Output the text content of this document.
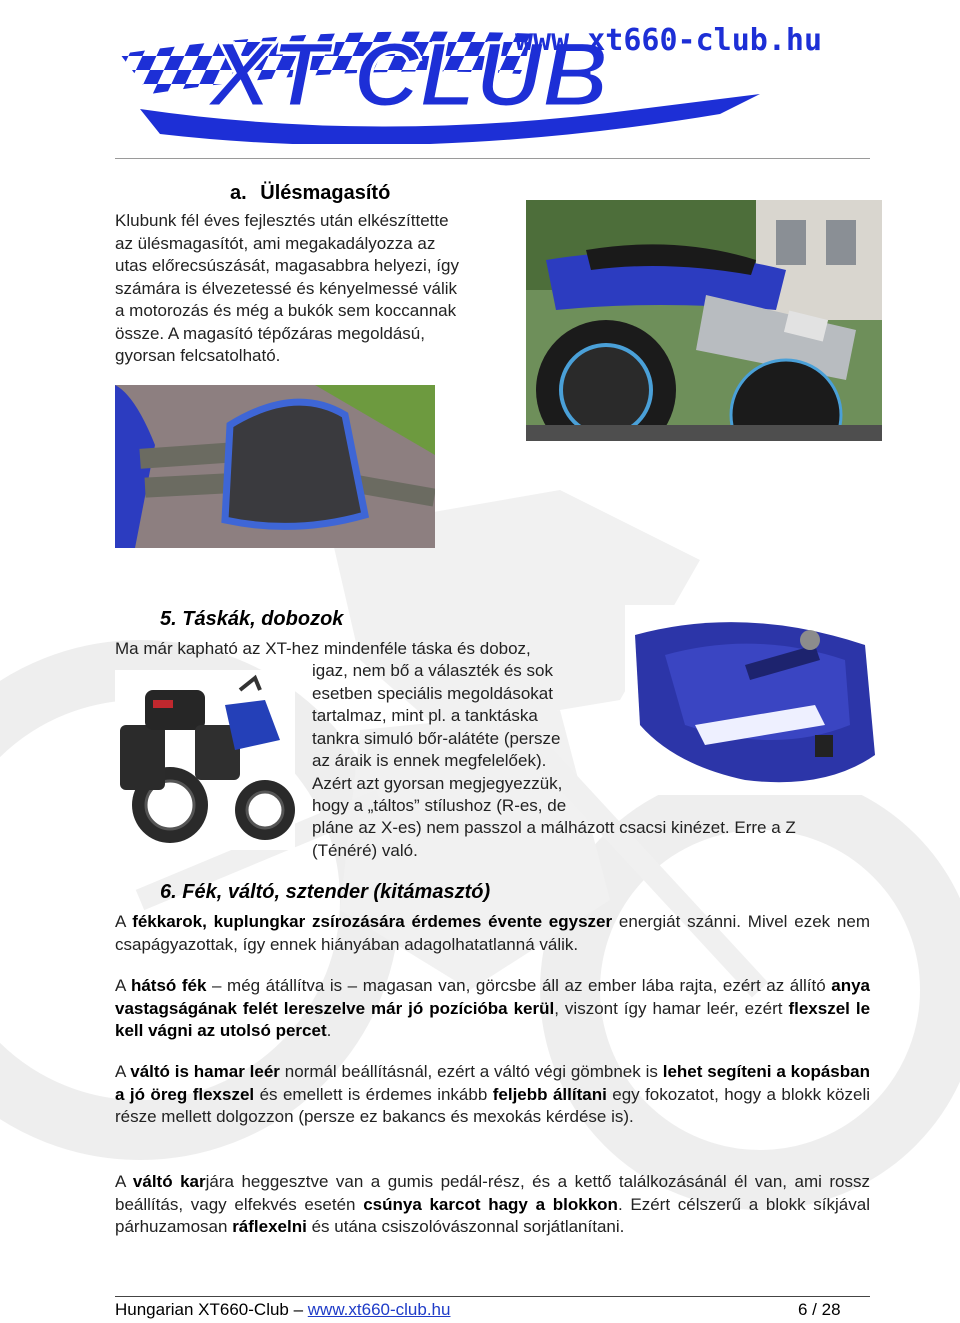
XT CLUB
www.xt660-club.hu
a. Ülésmagasító
Klubunk fél éves fejlesztés után elkészíttette
az ülésmagasítót, ami megakadályozza az
utas előrecsúszását, magasabbra helyezi, így
számára is élvezetessé és kényelmessé válik
a motorozás és még a bukók sem koccannak
össze. A magasító tépőzáras megoldású,
gyorsan felcsatolható.
5. Táskák, dobozok
Ma már kapható az XT-hez mindenféle táska és doboz,
igaz, nem bő a választék és sok
esetben speciális megoldásokat
tartalmaz, mint pl. a tanktáska
tankra simuló bőr-alátéte (persze
az áraik is ennek megfelelőek).
Azért azt gyorsan megjegyezzük,
hogy a „táltos” stílushoz (R-es, de
pláne az X-es) nem passzol a málházott csacsi kinézet. Erre a Z
(Ténéré) való.
6. Fék, váltó, sztender (kitámasztó)
A fékkarok, kuplungkar zsírozására érdemes évente egyszer energiát szánni. Mivel ezek nem csapágyazottak, így ennek hiányában adagolhatatlanná válik.
A hátsó fék – még átállítva is – magasan van, görcsbe áll az ember lába rajta, ezért az állító anya vastagságának felét lereszelve már jó pozícióba kerül, viszont így hamar leér, ezért flexszel le kell vágni az utolsó percet.
A váltó is hamar leér normál beállításnál, ezért a váltó végi gömbnek is lehet segíteni a kopásban a jó öreg flexszel és emellett is érdemes inkább feljebb állítani egy fokozatot, hogy a blokk közeli része mellett dolgozzon (persze ez bakancs és mexokás kérdése is).
A váltó karjára heggesztve van a gumis pedál-rész, és a kettő találkozásánál él van, ami rossz beállítás, vagy elfekvés esetén csúnya karcot hagy a blokkon. Ezért célszerű a blokk síkjával párhuzamosan ráflexelni és utána csiszolóvászonnal sorjátlanítani.
Hungarian XT660-Club – www.xt660-club.hu	6 / 28
